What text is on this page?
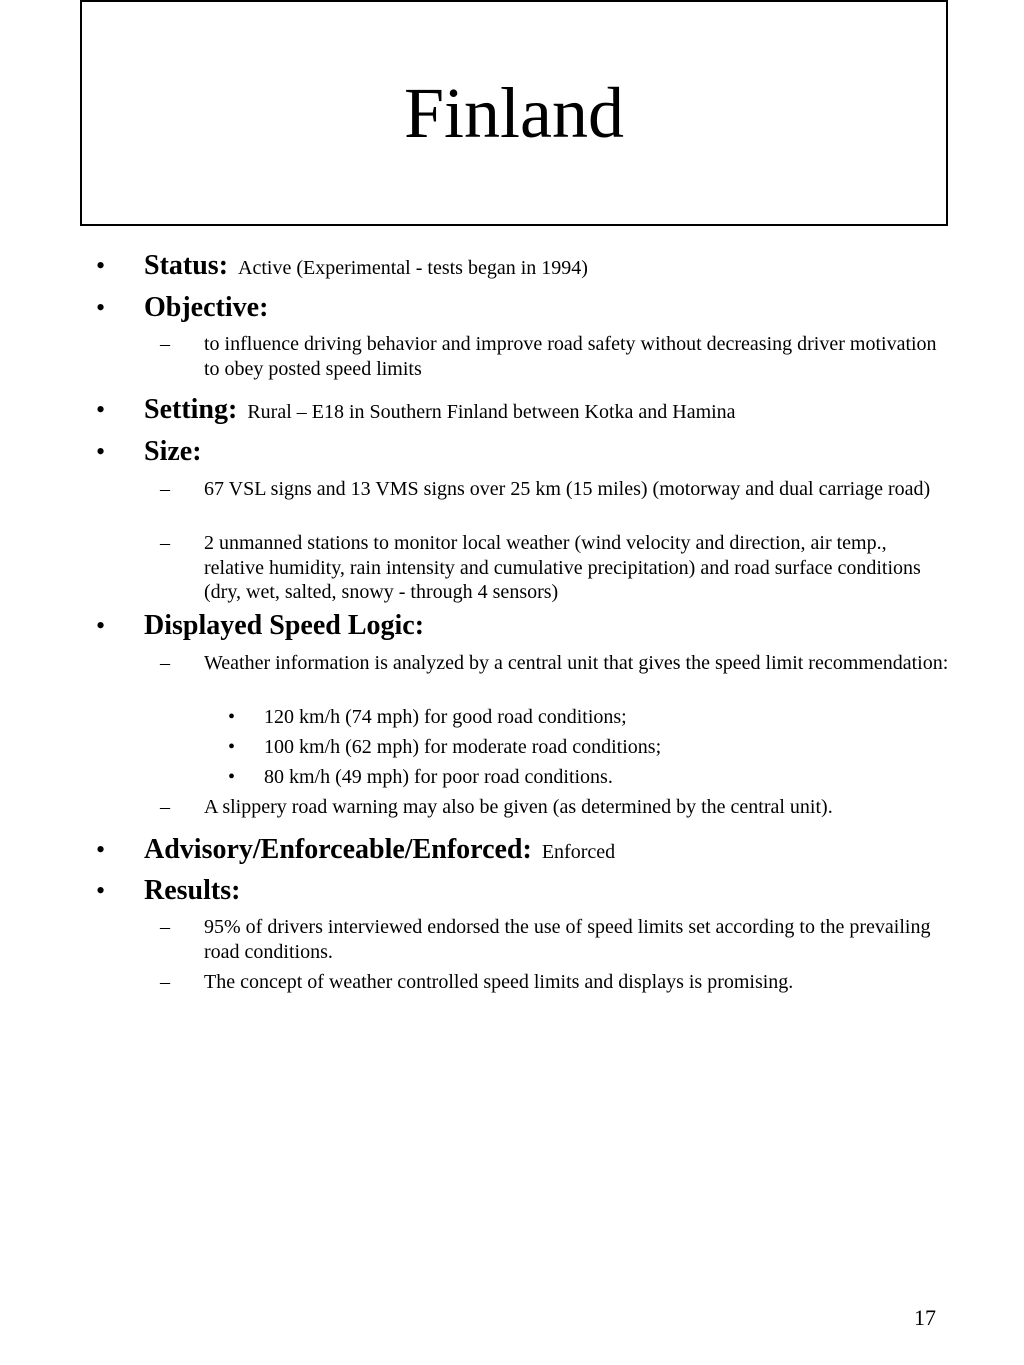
Finland
•	Status: Active (Experimental - tests began in 1994)
•	Objective:
–	to influence driving behavior and improve road safety without decreasing driver motivation to obey posted speed limits
•	Setting: Rural – E18 in Southern Finland between Kotka and Hamina
•	Size:
–	67 VSL signs and 13 VMS signs over 25 km (15 miles) (motorway and dual carriage road)
–	2 unmanned stations to monitor local weather (wind velocity and direction, air temp., relative humidity, rain intensity and cumulative precipitation) and road surface conditions (dry, wet, salted, snowy - through 4 sensors)
•	Displayed Speed Logic:
–	Weather information is analyzed by a central unit that gives the speed limit recommendation:
•	120 km/h (74 mph) for good road conditions;
•	100 km/h (62 mph) for moderate road conditions;
•	80 km/h (49 mph) for poor road conditions.
–	A slippery road warning may also be given (as determined by the central unit).
•	Advisory/Enforceable/Enforced: Enforced
•	Results:
–	95% of drivers interviewed endorsed the use of speed limits set according to the prevailing road conditions.
–	The concept of weather controlled speed limits and displays is promising.
17
